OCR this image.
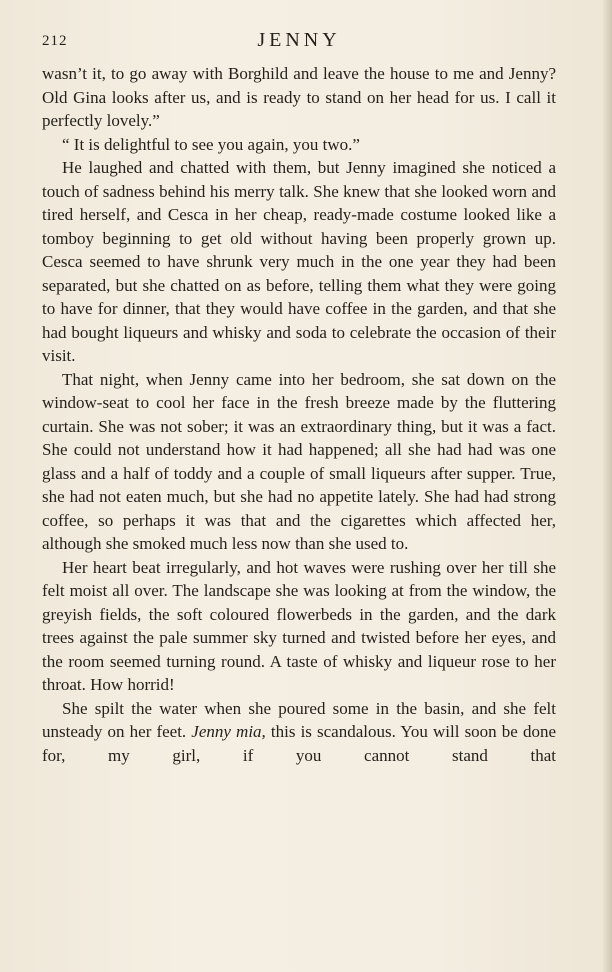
212	JENNY

wasn’t it, to go away with Borghild and leave the house to me and Jenny? Old Gina looks after us, and is ready to stand on her head for us. I call it perfectly lovely.”

“ It is delightful to see you again, you two.”

He laughed and chatted with them, but Jenny imagined she noticed a touch of sadness behind his merry talk. She knew that she looked worn and tired herself, and Cesca in her cheap, ready-made costume looked like a tomboy beginning to get old without having been properly grown up. Cesca seemed to have shrunk very much in the one year they had been separated, but she chatted on as before, telling them what they were going to have for dinner, that they would have coffee in the garden, and that she had bought liqueurs and whisky and soda to celebrate the occasion of their visit.

That night, when Jenny came into her bedroom, she sat down on the window-seat to cool her face in the fresh breeze made by the fluttering curtain. She was not sober; it was an extraordinary thing, but it was a fact. She could not understand how it had happened; all she had had was one glass and a half of toddy and a couple of small liqueurs after supper. True, she had not eaten much, but she had no appetite lately. She had had strong coffee, so perhaps it was that and the cigarettes which affected her, although she smoked much less now than she used to.

Her heart beat irregularly, and hot waves were rushing over her till she felt moist all over. The landscape she was looking at from the window, the greyish fields, the soft coloured flowerbeds in the garden, and the dark trees against the pale summer sky turned and twisted before her eyes, and the room seemed turning round. A taste of whisky and liqueur rose to her throat. How horrid!

She spilt the water when she poured some in the basin, and she felt unsteady on her feet. Jenny mia, this is scandalous. You will soon be done for, my girl, if you cannot stand that
